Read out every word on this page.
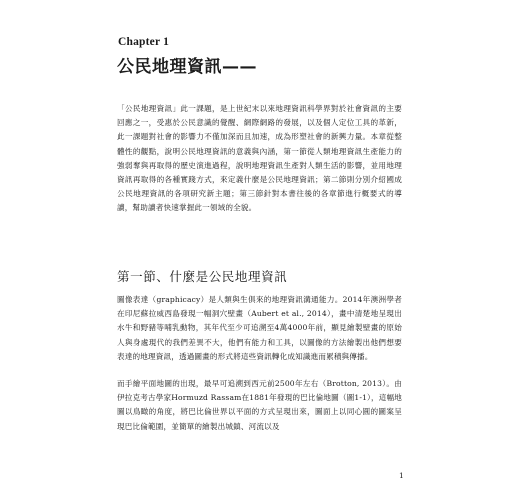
Chapter 1
公民地理資訊——

「公民地理資訊」此一課題，是上世紀末以來地理資訊科學界對於社會資訊的主要回應之一，受惠於公民意識的覺醒、網際網路的發展，以及個人定位工具的革新，此一課題對社會的影響力不僅加深而且加速，成為形塑社會的新興力量。本章從整體性的觀點，說明公民地理資訊的意義與內涵，第一節從人類地理資訊生產能力的強弱奪與再取得的歷史演進過程，說明地理資訊生產對人類生活的影響，並用地理資訊再取得的各種實踐方式，來定義什麼是公民地理資訊；第二節則分別介紹國成公民地理資訊的各項研究新主題；第三節針對本書往後的各章節進行概要式的導讀，幫助讀者快速掌握此一領域的全貌。

第一節、什麼是公民地理資訊

圖像表達（graphicacy）是人類與生俱來的地理資訊溝通能力。2014年澳洲學者在印尼蘇拉威西島發現一幅洞穴壁畫（Aubert et al., 2014），畫中清楚地呈現出水牛和野豬等哺乳動物，其年代至少可追溯至4萬4000年前，顯見繪製壁畫的原始人與身處現代的我們差異不大，他們有能力和工具，以圖像的方法繪製出他們想要表達的地理資訊，透過圖畫的形式將這些資訊轉化成知識進而累積與傳播。

而手繪平面地圖的出現，最早可追溯到西元前2500年左右（Brotton, 2013）。由伊拉克考古學家Hormuzd Rassam在1881年發現的巴比倫地圖（圖1-1），這幅地圖以鳥瞰的角度，將巴比倫世界以平面的方式呈現出來，圖面上以同心圓的圖案呈現巴比倫範圍，並簡單的繪製出城鎮、河流以及

1
